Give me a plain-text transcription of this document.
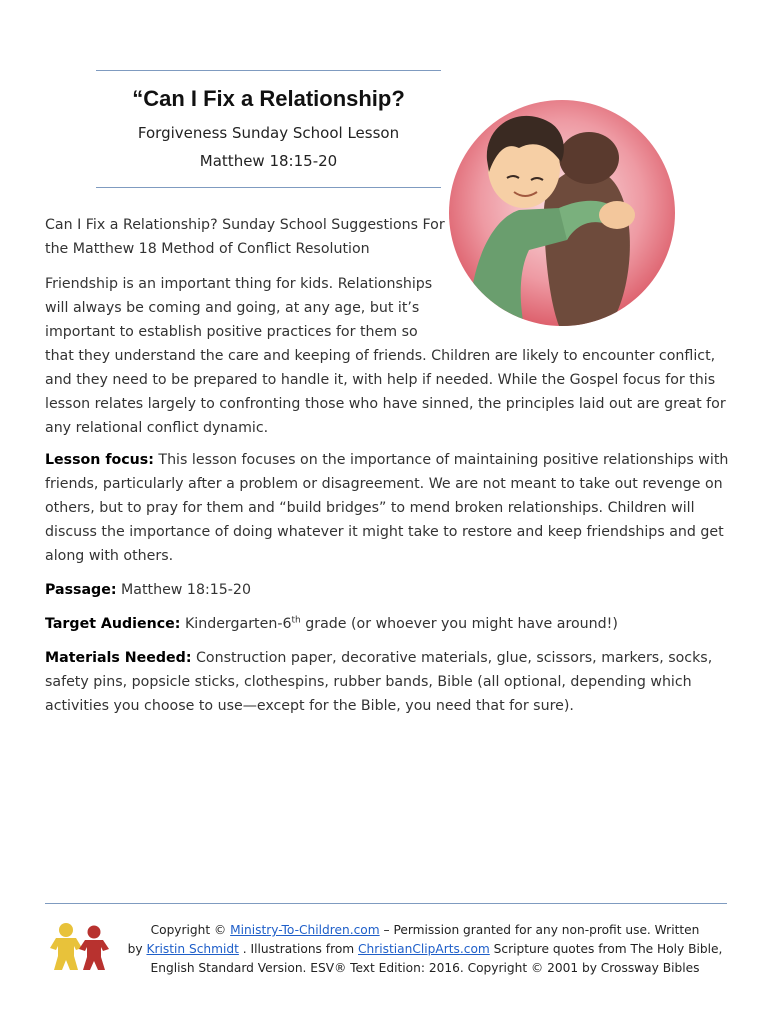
“Can I Fix a Relationship?
Forgiveness Sunday School Lesson
Matthew 18:15-20
Can I Fix a Relationship? Sunday School Suggestions For
the Matthew 18 Method of Conflict Resolution
Friendship is an important thing for kids. Relationships
will always be coming and going, at any age, but it’s
important to establish positive practices for them so
that they understand the care and keeping of friends. Children are likely to encounter conflict,
and they need to be prepared to handle it, with help if needed. While the Gospel focus for this
lesson relates largely to confronting those who have sinned, the principles laid out are great for
any relational conflict dynamic.
Lesson focus: This lesson focuses on the importance of maintaining positive relationships with
friends, particularly after a problem or disagreement. We are not meant to take out revenge on
others, but to pray for them and “build bridges” to mend broken relationships. Children will
discuss the importance of doing whatever it might take to restore and keep friendships and get
along with others.
Passage: Matthew 18:15-20
Target Audience: Kindergarten-6th grade (or whoever you might have around!)
Materials Needed: Construction paper, decorative materials, glue, scissors, markers, socks,
safety pins, popsicle sticks, clothespins, rubber bands, Bible (all optional, depending which
activities you choose to use—except for the Bible, you need that for sure).
Copyright © Ministry-To-Children.com – Permission granted for any non-profit use. Written
by Kristin Schmidt . Illustrations from ChristianClipArts.com Scripture quotes from The Holy Bible,
English Standard Version. ESV® Text Edition: 2016. Copyright © 2001 by Crossway Bibles
